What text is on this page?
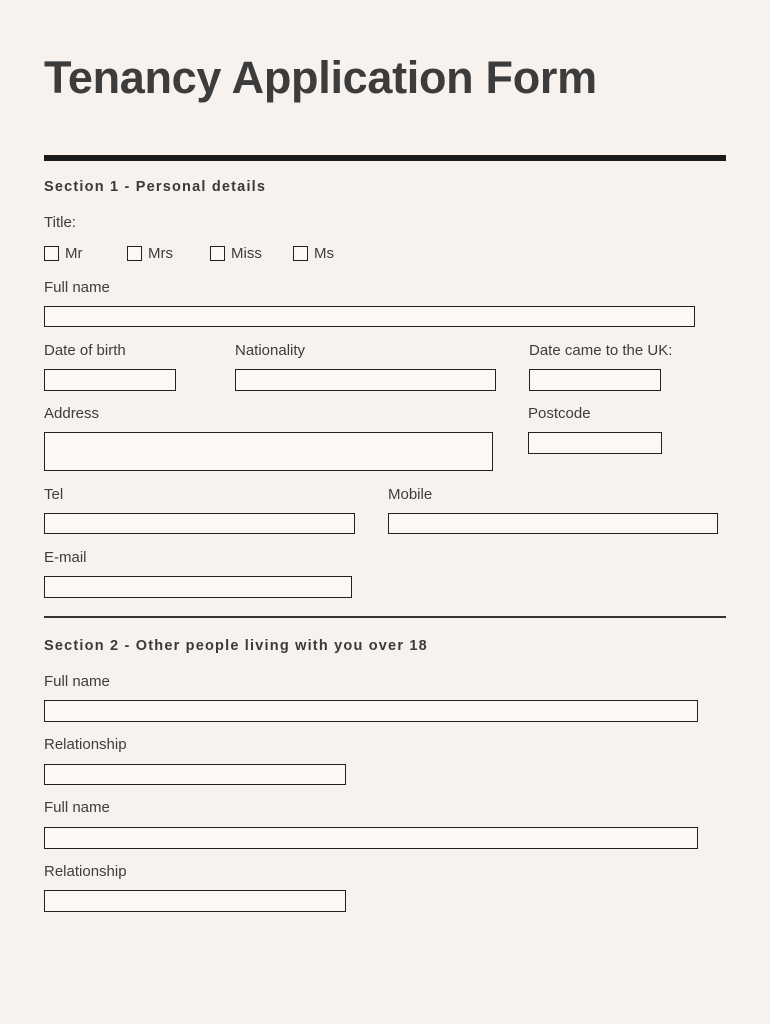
Tenancy Application Form
Section 1 - Personal details
Title:
Mr	Mrs	Miss	Ms
Full name
Date of birth	Nationality	Date came to the UK:
Address	Postcode
Tel	Mobile
E-mail
Section 2 - Other people living with you over 18
Full name
Relationship
Full name
Relationship
